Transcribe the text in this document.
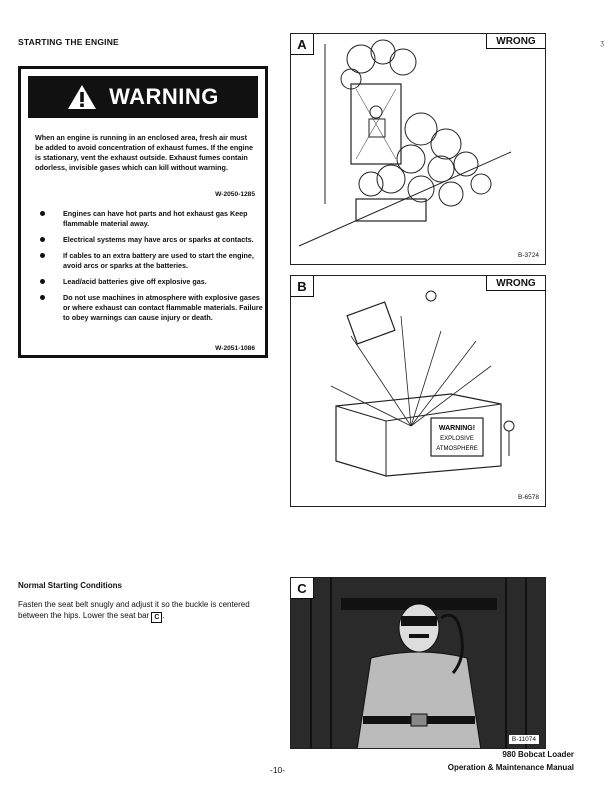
STARTING THE ENGINE
WARNING
When an engine is running in an enclosed area, fresh air must be added to avoid concentration of exhaust fumes. If the engine is stationary, vent the exhaust outside. Exhaust fumes contain odorless, invisible gases which can kill without warning.
W-2050-1285
Engines can have hot parts and hot exhaust gas Keep flammable material away.
Electrical systems may have arcs or sparks at contacts.
If cables to an extra battery are used to start the engine, avoid arcs or sparks at the batteries.
Lead/acid batteries give off explosive gas.
Do not use machines in atmosphere with explosive gases or where exhaust can contact flammable materials. Failure to obey warnings can cause injury or death.
W-2051-1086
A	WRONG
B-3724
WARNING!
EXPLOSIVE
ATMOSPHERE
B	WRONG
B-6578
Normal Starting Conditions
Fasten the seat belt snugly and adjust it so the buckle is centered between the hips. Lower the seat bar C .
C
B-11074
-10-
980 Bobcat Loader
Operation & Maintenance Manual
ʒ
